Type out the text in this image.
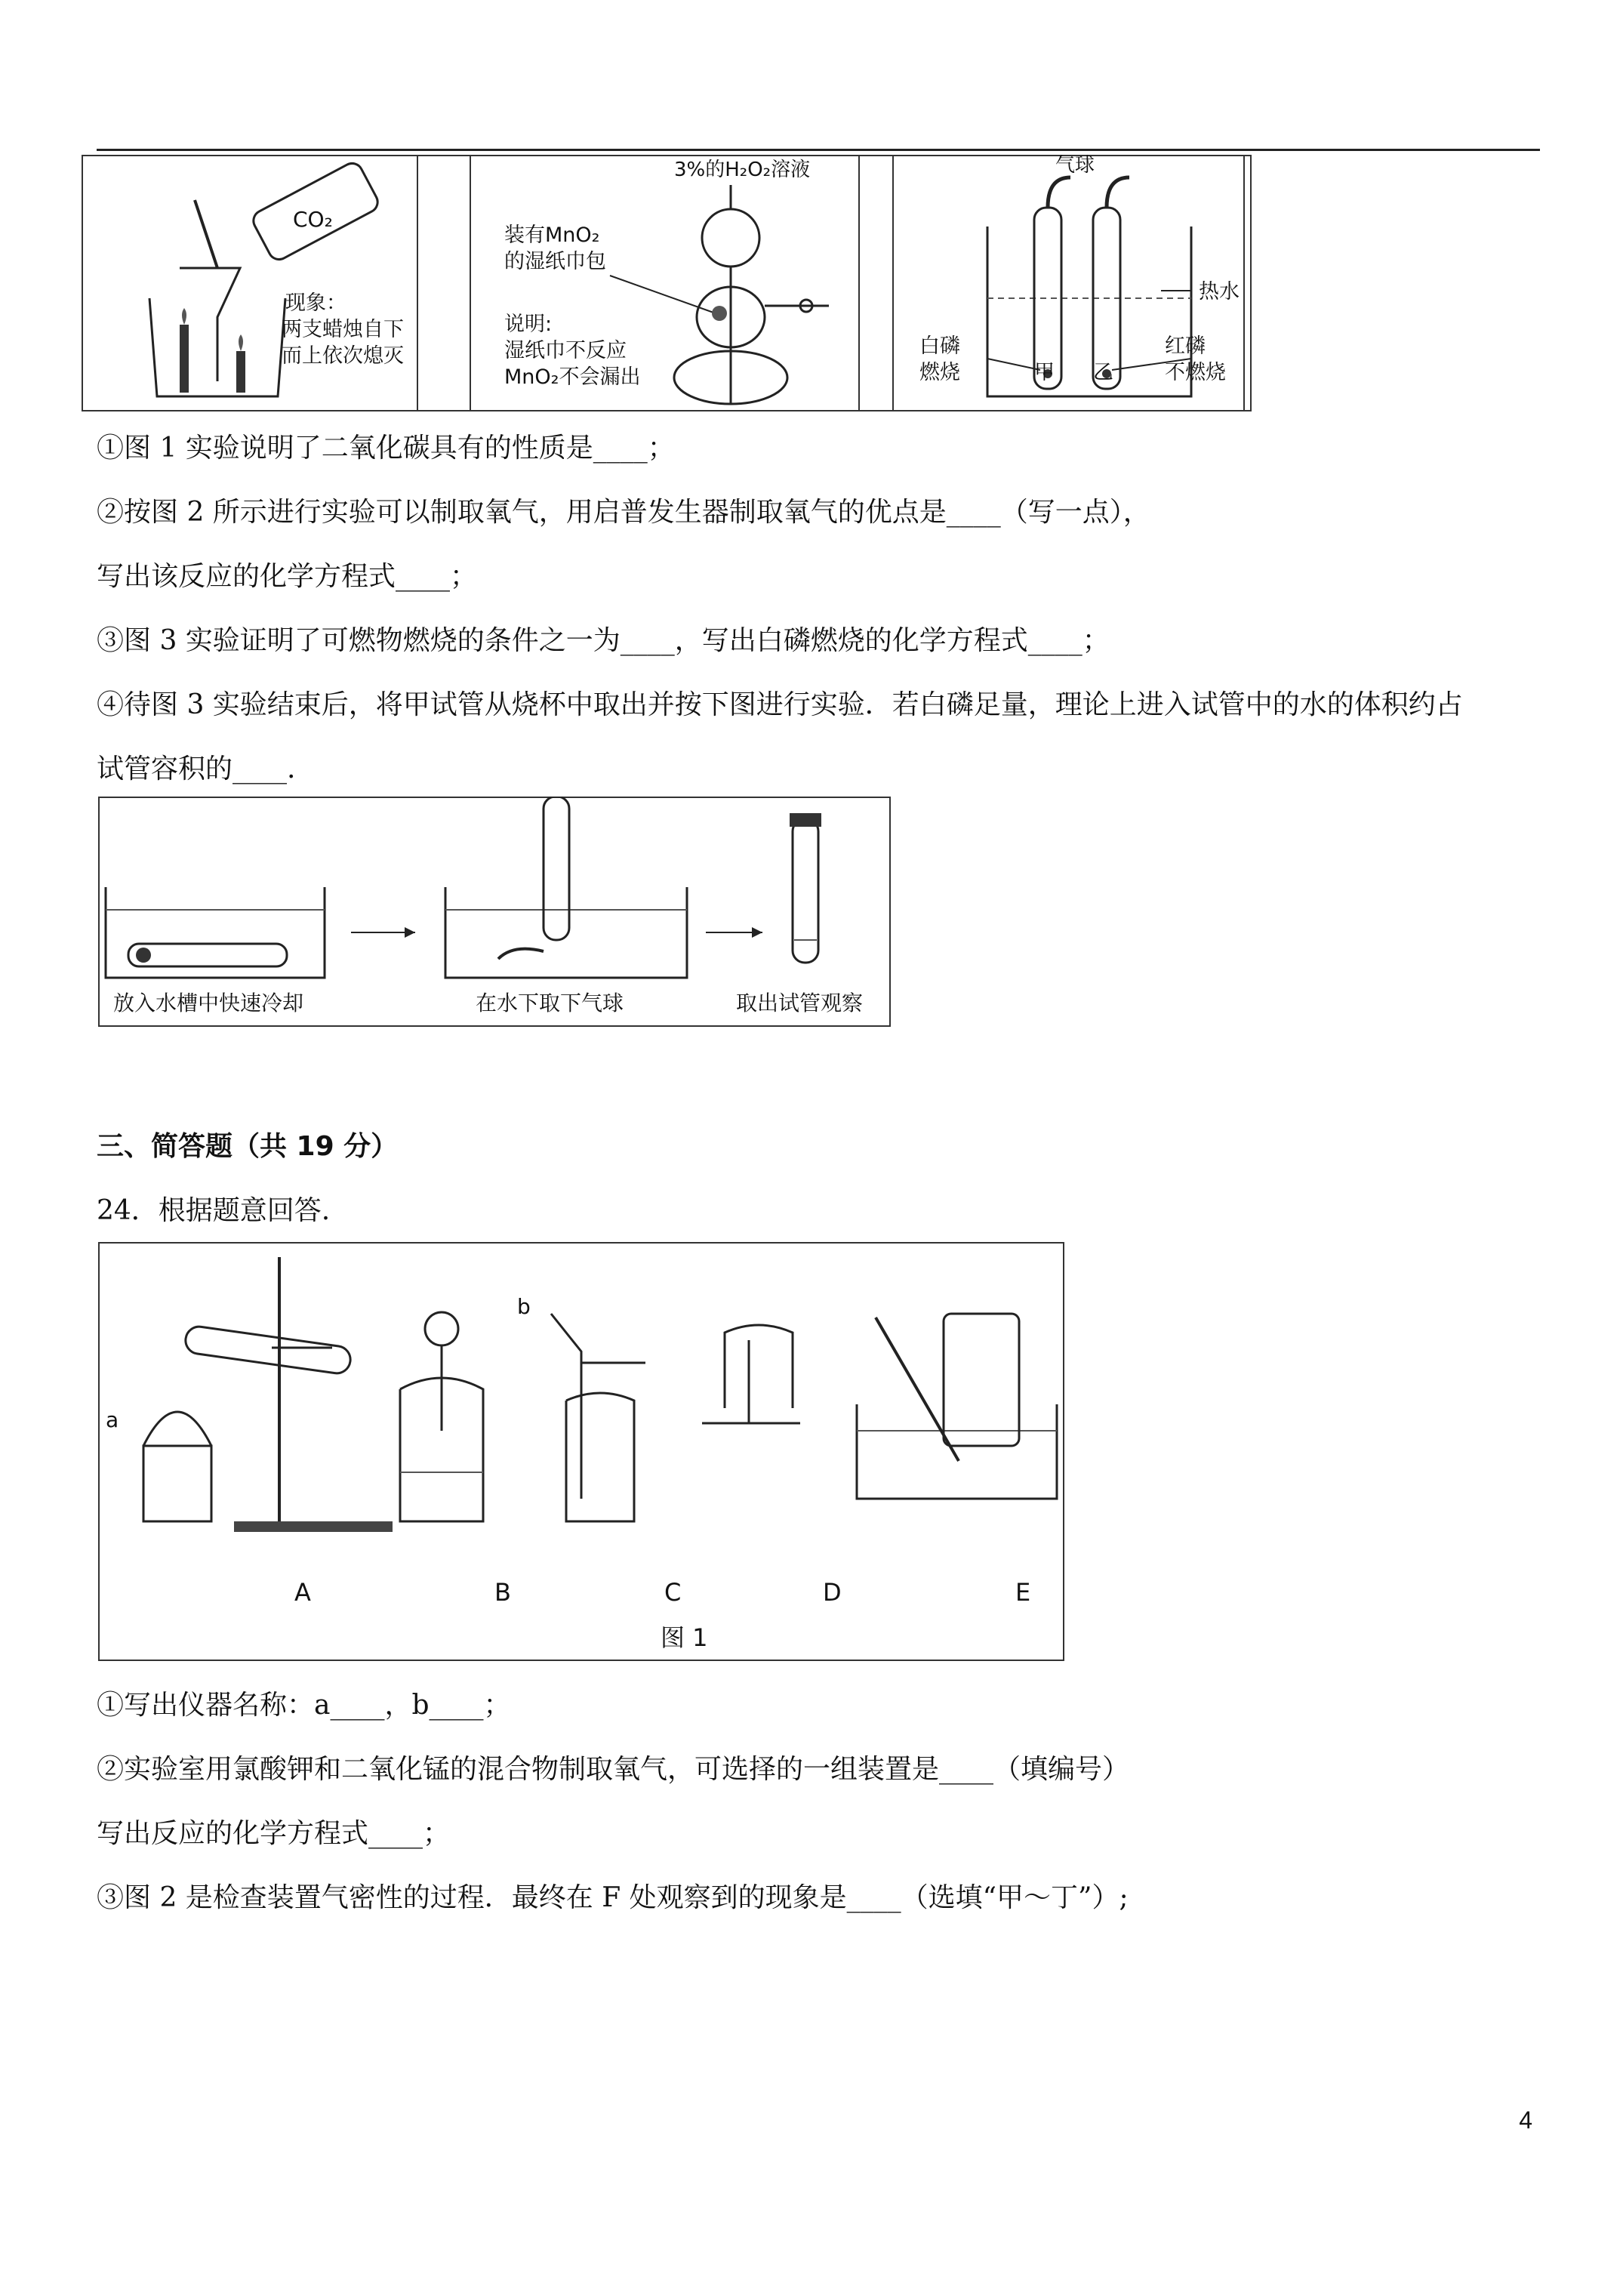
CO₂
现象：
两支蜡烛自下
而上依次熄灭
3%的H₂O₂溶液
装有MnO₂
的湿纸巾包
说明:
湿纸巾不反应
MnO₂不会漏出
气球
热水
白磷
燃烧	甲 乙
红磷
不燃烧
①图 1 实验说明了二氧化碳具有的性质是____；
②按图 2 所示进行实验可以制取氧气，用启普发生器制取氧气的优点是____（写一点），
写出该反应的化学方程式____；
③图 3 实验证明了可燃物燃烧的条件之一为____，写出白磷燃烧的化学方程式____；
④待图 3 实验结束后，将甲试管从烧杯中取出并按下图进行实验．若白磷足量，理论上进入试管中的水的体积约占
试管容积的____.
放入水槽中快速冷却	在水下取下气球	取出试管观察
三、简答题（共 19 分）
24．根据题意回答.
a
b
A	B	C	D	E
图 1
①写出仪器名称：a____，b____；
②实验室用氯酸钾和二氧化锰的混合物制取氧气，可选择的一组装置是____（填编号）
写出反应的化学方程式____；
③图 2 是检查装置气密性的过程．最终在 F 处观察到的现象是____（选填“甲～丁”）;
4
